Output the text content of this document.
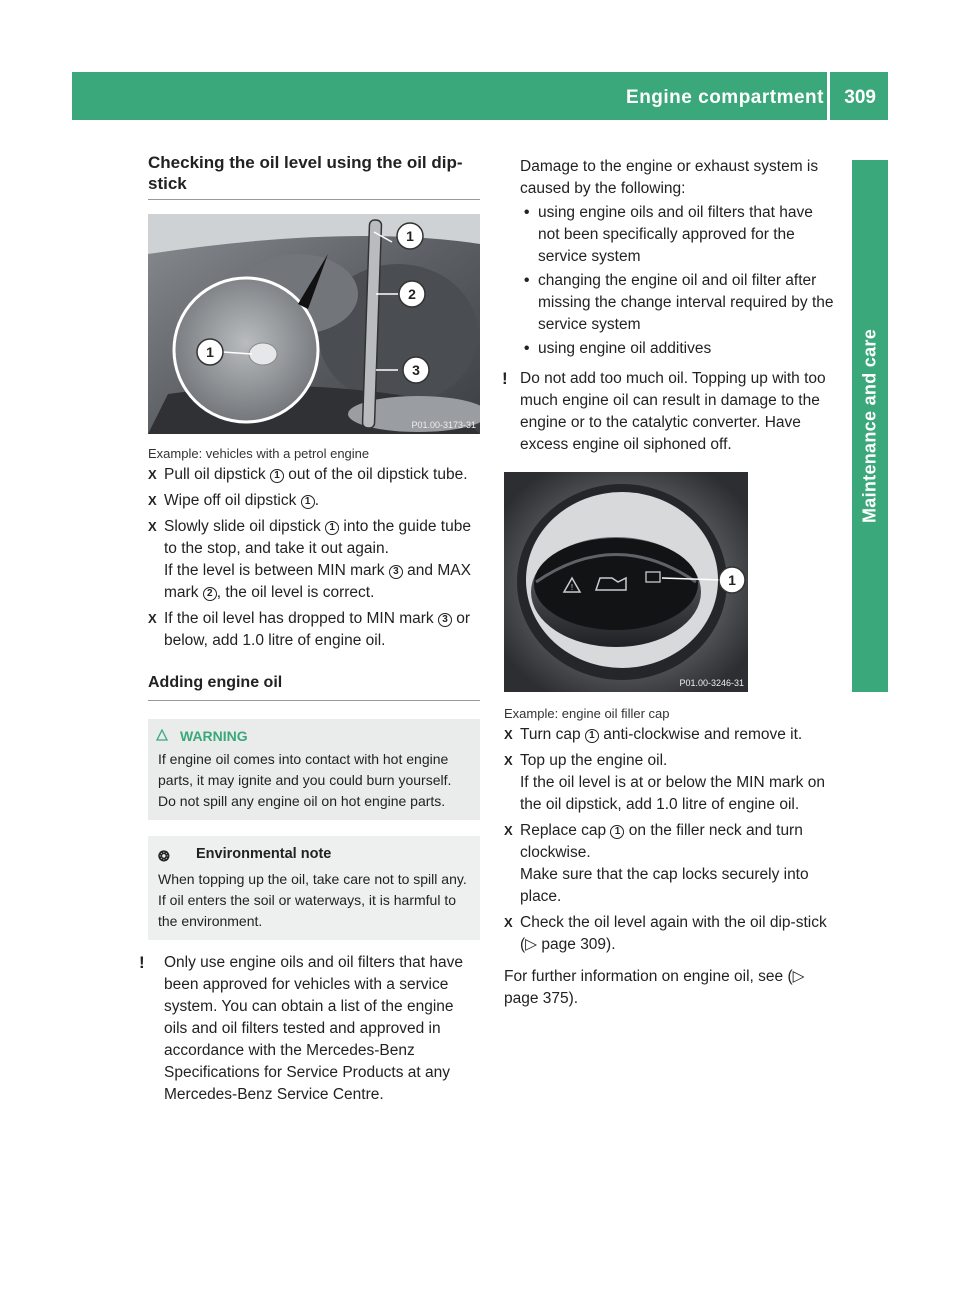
Engine compartment 309
Maintenance and care
Checking the oil level using the oil dip-
stick
1
2
3
1
P01.00-3173-31
Example: vehicles with a petrol engine
X Pull oil dipstick 1 out of the oil dipstick tube.
X Wipe off oil dipstick 1 .
X Slowly slide oil dipstick 1 into the guide tube to the stop, and take it out again.
If the level is between MIN mark 3 and MAX mark 2 , the oil level is correct.
X If the oil level has dropped to MIN mark 3 or below, add 1.0 litre of engine oil.
Adding engine oil
WARNING
If engine oil comes into contact with hot engine parts, it may ignite and you could burn yourself. Do not spill any engine oil on hot engine parts.
❂ Environmental note
When topping up the oil, take care not to spill any. If oil enters the soil or waterways, it is harmful to the environment.
! Only use engine oils and oil filters that have been approved for vehicles with a service system. You can obtain a list of the engine oils and oil filters tested and approved in accordance with the Mercedes-Benz Specifications for Service Products at any Mercedes-Benz Service Centre.
Damage to the engine or exhaust system is caused by the following:
• using engine oils and oil filters that have not been specifically approved for the service system
• changing the engine oil and oil filter after missing the change interval required by the service system
• using engine oil additives
! Do not add too much oil. Topping up with too much engine oil can result in damage to the engine or to the catalytic converter. Have excess engine oil siphoned off.
!	1
P01.00-3246-31
Example: engine oil filler cap
X Turn cap 1 anti-clockwise and remove it.
X Top up the engine oil.
If the oil level is at or below the MIN mark on the oil dipstick, add 1.0 litre of engine oil.
X Replace cap 1 on the filler neck and turn clockwise.
Make sure that the cap locks securely into place.
X Check the oil level again with the oil dip-stick (▷ page 309).
For further information on engine oil, see (▷ page 375).
